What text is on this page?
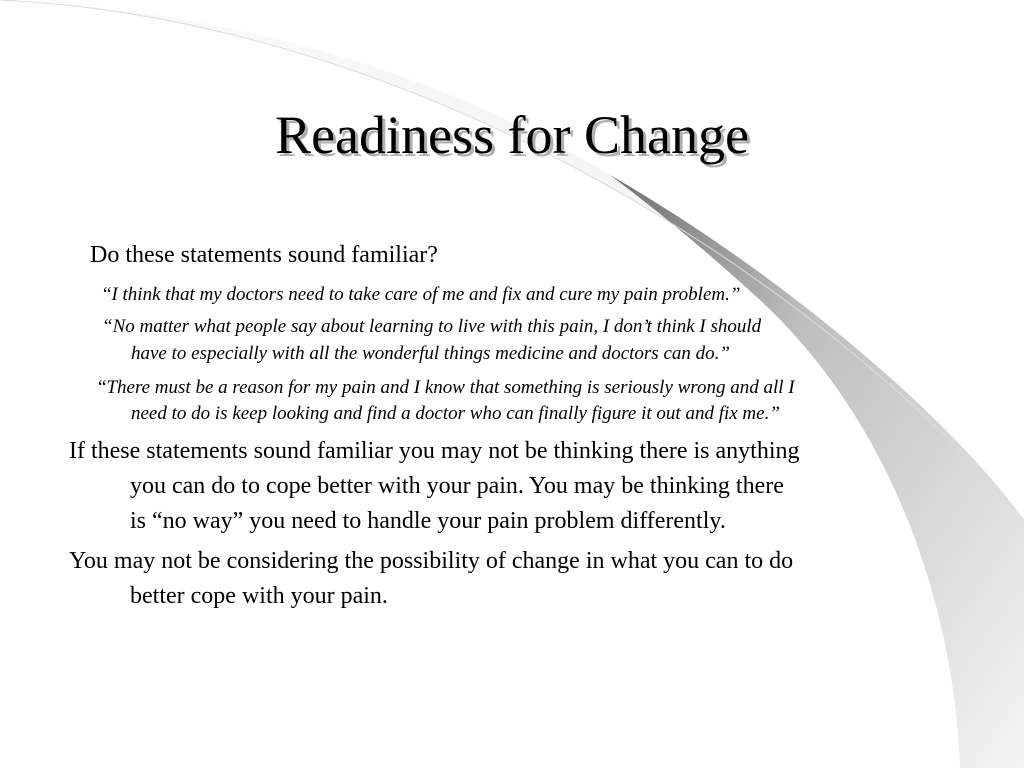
Readiness for Change
Do these statements sound familiar?
“I think that my doctors need to take care of me and fix and cure my pain problem.”
“No matter what people say about learning to live with this pain, I don’t think I should
have to especially with all the wonderful things medicine and doctors can do.”
“There must be a reason for my pain and I know that something is seriously wrong and all I
need to do is keep looking and find a doctor who can finally figure it out and fix me.”
If these statements sound familiar you may not be thinking there is anything
you can do to cope better with your pain. You may be thinking there
is “no way” you need to handle your pain problem differently.
You may not be considering the possibility of change in what you can to do
better cope with your pain.
